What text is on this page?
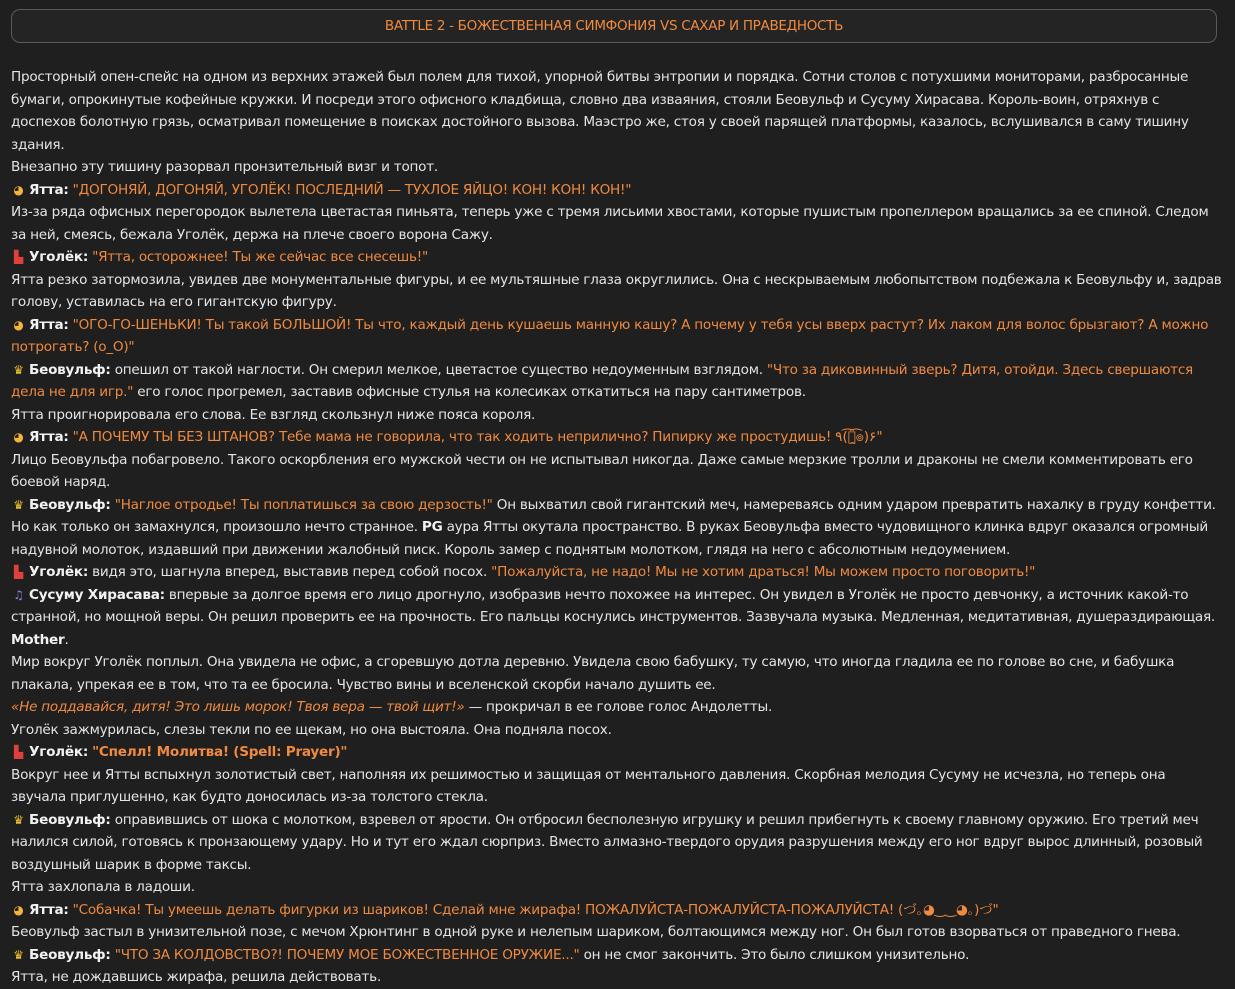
BATTLE 2 - БОЖЕСТВЕННАЯ СИМФОНИЯ VS САХАР И ПРАВЕДНОСТЬ
Просторный опен-спейс на одном из верхних этажей был полем для тихой, упорной битвы энтропии и порядка. Сотни столов с потухшими мониторами, разбросанные бумаги, опрокинутые кофейные кружки. И посреди этого офисного кладбища, словно два изваяния, стояли Беовульф и Сусуму Хирасава. Король-воин, отряхнув с доспехов болотную грязь, осматривал помещение в поисках достойного вызова. Маэстро же, стоя у своей парящей платформы, казалось, вслушивался в саму тишину здания.
Внезапно эту тишину разорвал пронзительный визг и топот.
◕ Ятта: "ДОГОНЯЙ, ДОГОНЯЙ, УГОЛЁК! ПОСЛЕДНИЙ — ТУХЛОЕ ЯЙЦО! КОН! КОН! КОН!"
Из-за ряда офисных перегородок вылетела цветастая пиньята, теперь уже с тремя лисьими хвостами, которые пушистым пропеллером вращались за ее спиной. Следом за ней, смеясь, бежала Уголёк, держа на плече своего ворона Сажу.
▙ Уголёк: "Ятта, осторожнее! Ты же сейчас все снесешь!"
Ятта резко затормозила, увидев две монументальные фигуры, и ее мультяшные глаза округлились. Она с нескрываемым любопытством подбежала к Беовульфу и, задрав голову, уставилась на его гигантскую фигуру.
◕ Ятта: "ОГО-ГО-ШЕНЬКИ! Ты такой БОЛЬШОЙ! Ты что, каждый день кушаешь манную кашу? А почему у тебя усы вверх растут? Их лаком для волос брызгают? А можно потрогать? (о_О)"
♛ Беовульф: опешил от такой наглости. Он смерил мелкое, цветастое существо недоуменным взглядом. "Что за диковинный зверь? Дитя, отойди. Здесь свершаются дела не для игр." его голос прогремел, заставив офисные стулья на колесиках откатиться на пару сантиметров.
Ятта проигнорировала его слова. Ее взгляд скользнул ниже пояса короля.
◕ Ятта: "А ПОЧЕМУ ТЫ БЕЗ ШТАНОВ? Тебе мама не говорила, что так ходить неприлично? Пипирку же простудишь! ٩(͡๏̯͡๏)۶"
Лицо Беовульфа побагровело. Такого оскорбления его мужской чести он не испытывал никогда. Даже самые мерзкие тролли и драконы не смели комментировать его боевой наряд.
♛ Беовульф: "Наглое отродье! Ты поплатишься за свою дерзость!" Он выхватил свой гигантский меч, намереваясь одним ударом превратить нахалку в груду конфетти.
Но как только он замахнулся, произошло нечто странное. PG аура Ятты окутала пространство. В руках Беовульфа вместо чудовищного клинка вдруг оказался огромный надувной молоток, издавший при движении жалобный писк. Король замер с поднятым молотком, глядя на него с абсолютным недоумением.
▙ Уголёк: видя это, шагнула вперед, выставив перед собой посох. "Пожалуйста, не надо! Мы не хотим драться! Мы можем просто поговорить!"
♫ Сусуму Хирасава: впервые за долгое время его лицо дрогнуло, изобразив нечто похожее на интерес. Он увидел в Уголёк не просто девчонку, а источник какой-то странной, но мощной веры. Он решил проверить ее на прочность. Его пальцы коснулись инструментов. Зазвучала музыка. Медленная, медитативная, душераздирающая. Mother.
Мир вокруг Уголёк поплыл. Она увидела не офис, а сгоревшую дотла деревню. Увидела свою бабушку, ту самую, что иногда гладила ее по голове во сне, и бабушка плакала, упрекая ее в том, что та ее бросила. Чувство вины и вселенской скорби начало душить ее.
«Не поддавайся, дитя! Это лишь морок! Твоя вера — твой щит!» — прокричал в ее голове голос Андолетты.
Уголёк зажмурилась, слезы текли по ее щекам, но она выстояла. Она подняла посох.
▙ Уголёк: "Спелл! Молитва! (Spell: Prayer)"
Вокруг нее и Ятты вспыхнул золотистый свет, наполняя их решимостью и защищая от ментального давления. Скорбная мелодия Сусуму не исчезла, но теперь она звучала приглушенно, как будто доносилась из-за толстого стекла.
♛ Беовульф: оправившись от шока с молотком, взревел от ярости. Он отбросил бесполезную игрушку и решил прибегнуть к своему главному оружию. Его третий меч налился силой, готовясь к пронзающему удару. Но и тут его ждал сюрприз. Вместо алмазно-твердого орудия разрушения между его ног вдруг вырос длинный, розовый воздушный шарик в форме таксы.
Ятта захлопала в ладоши.
◕ Ятта: "Собачка! Ты умеешь делать фигурки из шариков! Сделай мне жирафа! ПОЖАЛУЙСТА-ПОЖАЛУЙСТА-ПОЖАЛУЙСТА! (づ｡◕‿‿◕｡)づ"
Беовульф застыл в унизительной позе, с мечом Хрюнтинг в одной руке и нелепым шариком, болтающимся между ног. Он был готов взорваться от праведного гнева.
♛ Беовульф: "ЧТО ЗА КОЛДОВСТВО?! ПОЧЕМУ МОЕ БОЖЕСТВЕННОЕ ОРУЖИЕ..." он не смог закончить. Это было слишком унизительно.
Ятта, не дождавшись жирафа, решила действовать.
